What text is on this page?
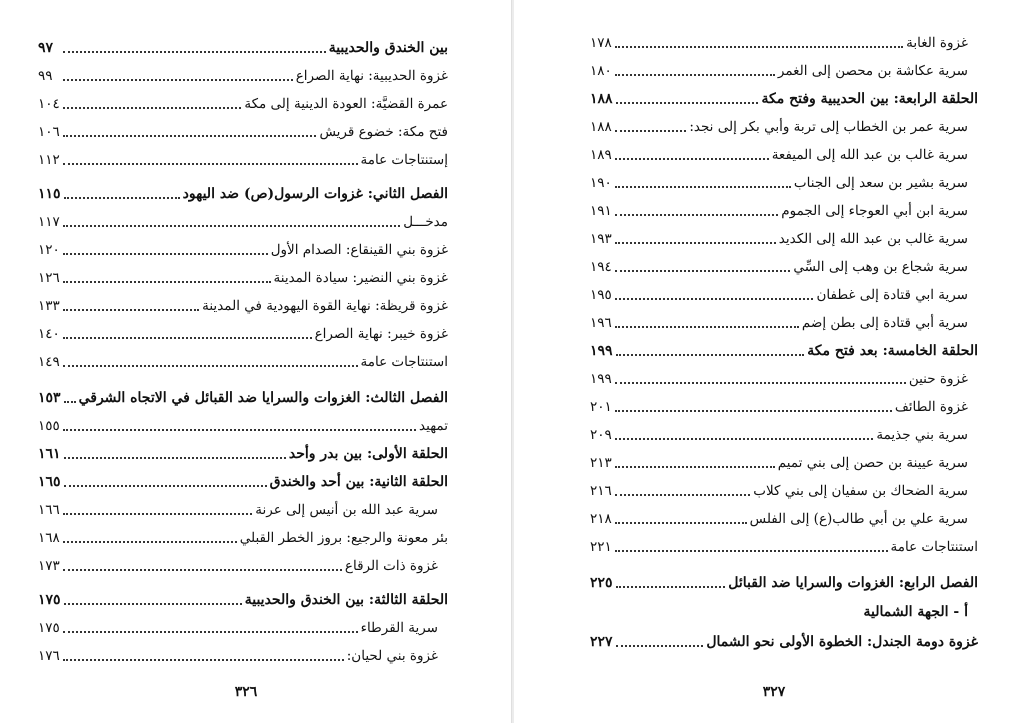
بين الخندق والحديبية
٩٧
غزوة الحديبية: نهاية الصراع
٩٩
عمرة القضيَّة: العودة الدينية إلى مكة
١٠٤
فتح مكة: خضوع قريش
١٠٦
إستنتاجات عامة
١١٢
الفصل الثاني: غزوات الرسول(ص) ضد اليهود
١١٥
مدخـــل
١١٧
غزوة بني القينقاع: الصدام الأول
١٢٠
غزوة بني النضير: سيادة المدينة
١٢٦
غزوة قريظة: نهاية القوة اليهودية في المدينة
١٣٣
غزوة خيبر: نهاية الصراع
١٤٠
استنتاجات عامة
١٤٩
الفصل الثالث: الغزوات والسرايا ضد القبائل في الاتجاه الشرقي
١٥٣
تمهيد
١٥٥
الحلقة الأولى: بين بدر وأحد
١٦١
الحلقة الثانية: بين أحد والخندق
١٦٥
سرية عبد الله بن أنيس إلى عرنة
١٦٦
بئر معونة والرجيع: بروز الخطر القبلي
١٦٨
غزوة ذات الرقاع
١٧٣
الحلقة الثالثة: بين الخندق والحديبية
١٧٥
سرية القرطاء
١٧٥
غزوة بني لحيان:
١٧٦
٣٢٦
غزوة الغابة
١٧٨
سرية عكاشة بن محصن إلى الغمر
١٨٠
الحلقة الرابعة: بين الحديبية وفتح مكة
١٨٨
سرية عمر بن الخطاب إلى تربة وأبي بكر إلى نجد:
١٨٨
سرية غالب بن عبد الله إلى الميفعة
١٨٩
سرية بشير بن سعد إلى الجناب
١٩٠
سرية ابن أبي العوجاء إلى الجموم
١٩١
سرية غالب بن عبد الله إلى الكديد
١٩٣
سرية شجاع بن وهب إلى السِّي
١٩٤
سرية ابي قتادة إلى غطفان
١٩٥
سرية أبي قتادة إلى بطن إضم
١٩٦
الحلقة الخامسة: بعد فتح مكة
١٩٩
غزوة حنين
١٩٩
غزوة الطائف
٢٠١
سرية بني جذيمة
٢٠٩
سرية عيينة بن حصن إلى بني تميم
٢١٣
سرية الضحاك بن سفيان إلى بني كلاب
٢١٦
سرية علي بن أبي طالب(ع) إلى الفلس
٢١٨
استنتاجات عامة
٢٢١
الفصل الرابع: الغزوات والسرايا ضد القبائل
٢٢٥
أ - الجهة الشمالية
غزوة دومة الجندل: الخطوة الأولى نحو الشمال
٢٢٧
٣٢٧
